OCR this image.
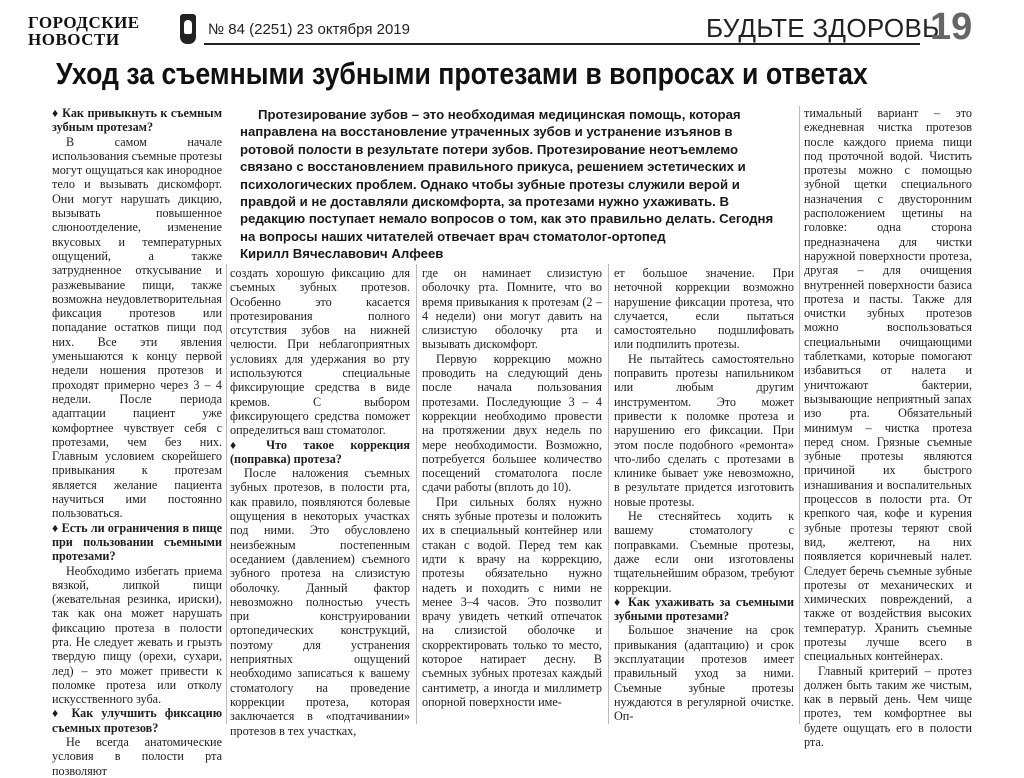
ГОРОДСКИЕ
НОВОСТИ
№ 84 (2251) 23 октября 2019	БУДЬТЕ ЗДОРОВЫ
19
Уход за съемными зубными протезами в вопросах и ответах

Протезирование зубов – это необходимая медицинская помощь, которая направлена на восстановление утраченных зубов и устранение изъянов в ротовой полости в результате потери зубов. Протезирование неотъемлемо связано с восстановлением правильного прикуса, решением эстетических и психологических проблем. Однако чтобы зубные протезы служили верой и правдой и не доставляли дискомфорта, за протезами нужно ухаживать. В редакцию поступает немало вопросов о том, как это правильно делать. Сегодня на вопросы наших читателей отвечает врач стоматолог-ортопед

Кирилл Вячеславович Алфеев

♦ Как привыкнуть к съемным зубным протезам?

В самом начале использования съемные протезы могут ощущаться как инородное тело и вызывать дискомфорт. Они могут нарушать дикцию, вызывать повышенное слюноотделение, изменение вкусовых и температурных ощущений, а также затрудненное откусывание и разжевывание пищи, также возможна неудовлетворительная фиксация протезов или попадание остатков пищи под них. Все эти явления уменьшаются к концу первой недели ношения протезов и проходят примерно через 3 – 4 недели. После периода адаптации пациент уже комфортнее чувствует себя с протезами, чем без них. Главным условием скорейшего привыкания к протезам является желание пациента научиться ими постоянно пользоваться.

♦ Есть ли ограничения в пище при пользовании съемными протезами?

Необходимо избегать приема вязкой, липкой пищи (жевательная резинка, ириски), так как она может нарушать фиксацию протеза в полости рта. Не следует жевать и грызть твердую пищу (орехи, сухари, лед) – это может привести к поломке протеза или отколу искусственного зуба.

♦ Как улучшить фиксацию съемных протезов?

Не всегда анатомические условия в полости рта позволяют

создать хорошую фиксацию для съемных зубных протезов. Особенно это касается протезирования полного отсутствия зубов на нижней челюсти. При неблагоприятных условиях для удержания во рту используются специальные фиксирующие средства в виде кремов. С выбором фиксирующего средства поможет определиться ваш стоматолог.

♦ Что такое коррекция (поправка) протеза?

После наложения съемных зубных протезов, в полости рта, как правило, появляются болевые ощущения в некоторых участках под ними. Это обусловлено неизбежным постепенным оседанием (давлением) съемного зубного протеза на слизистую оболочку. Данный фактор невозможно полностью учесть при конструировании ортопедических конструкций, поэтому для устранения неприятных ощущений необходимо записаться к вашему стоматологу на проведение коррекции протеза, которая заключается в «подтачивании» протезов в тех участках,

где он наминает слизистую оболочку рта. Помните, что во время привыкания к протезам (2 – 4 недели) они могут давить на слизистую оболочку рта и вызывать дискомфорт.

Первую коррекцию можно проводить на следующий день после начала пользования протезами. Последующие 3 – 4 коррекции необходимо провести на протяжении двух недель по мере необходимости. Возможно, потребуется большее количество посещений стоматолога после сдачи работы (вплоть до 10).

При сильных болях нужно снять зубные протезы и положить их в специальный контейнер или стакан с водой. Перед тем как идти к врачу на коррекцию, протезы обязательно нужно надеть и походить с ними не менее 3–4 часов. Это позволит врачу увидеть четкий отпечаток на слизистой оболочке и скорректировать только то место, которое натирает десну. В съемных зубных протезах каждый сантиметр, а иногда и миллиметр опорной поверхности име-

ет большое значение. При неточной коррекции возможно нарушение фиксации протеза, что случается, если пытаться самостоятельно подшлифовать или подпилить протезы.

Не пытайтесь самостоятельно поправить протезы напильником или любым другим инструментом. Это может привести к поломке протеза и нарушению его фиксации. При этом после подобного «ремонта» что-либо сделать с протезами в клинике бывает уже невозможно, в результате придется изготовить новые протезы.

Не стесняйтесь ходить к вашему стоматологу с поправками. Съемные протезы, даже если они изготовлены тщательнейшим образом, требуют коррекции.

♦ Как ухаживать за съемными зубными протезами?

Большое значение на срок привыкания (адаптацию) и срок эксплуатации протезов имеет правильный уход за ними. Съемные зубные протезы нуждаются в регулярной очистке. Оп-

тимальный вариант – это ежедневная чистка протезов после каждого приема пищи под проточной водой. Чистить протезы можно с помощью зубной щетки специального назначения с двусторонним расположением щетины на головке: одна сторона предназначена для чистки наружной поверхности протеза, другая – для очищения внутренней поверхности базиса протеза и пасты. Также для очистки зубных протезов можно воспользоваться специальными очищающими таблетками, которые помогают избавиться от налета и уничтожают бактерии, вызывающие неприятный запах изо рта. Обязательный минимум – чистка протеза перед сном. Грязные съемные зубные протезы являются причиной их быстрого изнашивания и воспалительных процессов в полости рта. От крепкого чая, кофе и курения зубные протезы теряют свой вид, желтеют, на них появляется коричневый налет. Следует беречь съемные зубные протезы от механических и химических повреждений, а также от воздействия высоких температур. Хранить съемные протезы лучше всего в специальных контейнерах.

Главный критерий – протез должен быть таким же чистым, как в первый день. Чем чище протез, тем комфортнее вы будете ощущать его в полости рта.
